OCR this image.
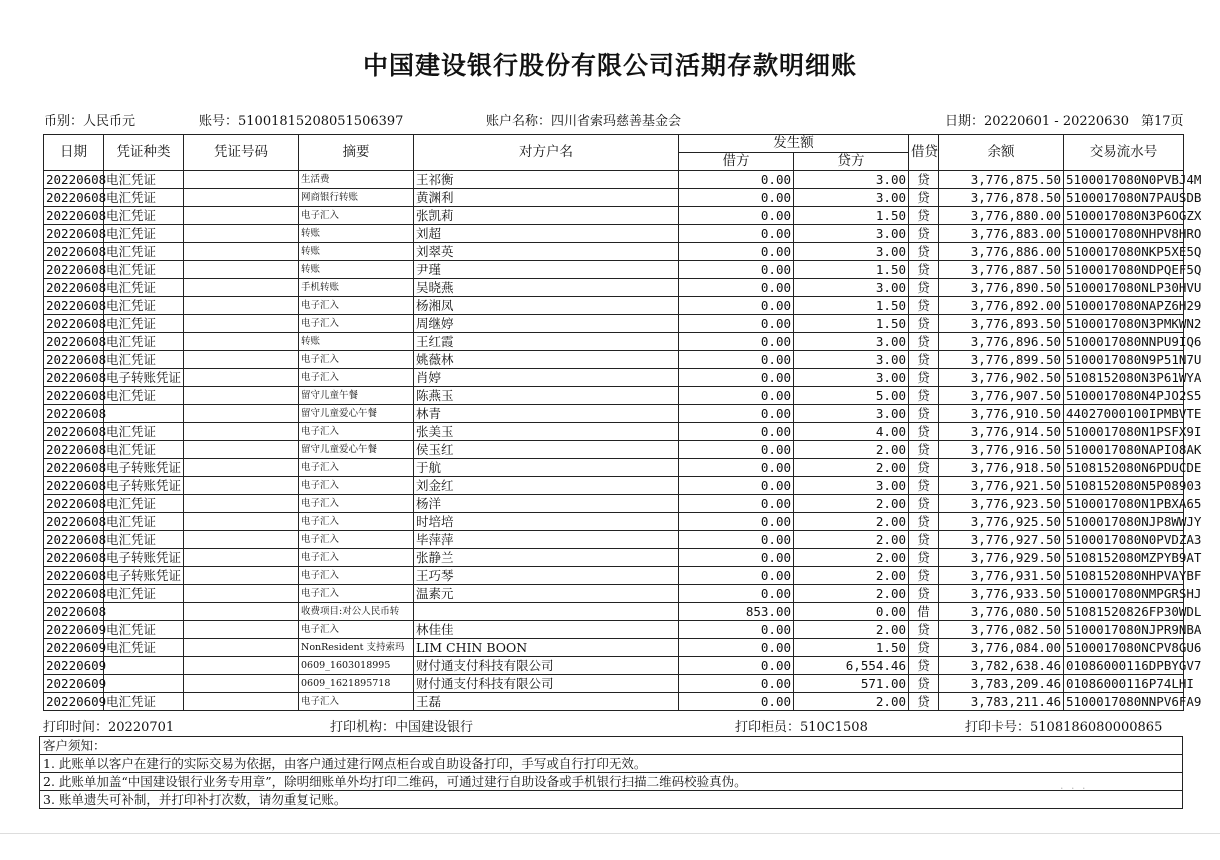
中国建设银行股份有限公司活期存款明细账
币别：人民币元	账号：51001815208051506397	账户名称：四川省索玛慈善基金会	日期：20220601 - 20220630 第17页
日期	凭证种类	凭证号码	摘要	对方户名	发生额		借贷	余额	交易流水号
					借方	贷方			
20220608	电汇凭证		生活费	王祁衡	0.00	3.00	贷	3,776,875.50	5100017080N0PVBJ4M
20220608	电汇凭证		网商银行转账	黄渊利	0.00	3.00	贷	3,776,878.50	5100017080N7PAUSDB
20220608	电汇凭证		电子汇入	张凯莉	0.00	1.50	贷	3,776,880.00	5100017080N3P6OGZX
20220608	电汇凭证		转账	刘超	0.00	3.00	贷	3,776,883.00	5100017080NHPV8HRO
20220608	电汇凭证		转账	刘翠英	0.00	3.00	贷	3,776,886.00	5100017080NKP5XE5Q
20220608	电汇凭证		转账	尹瑾	0.00	1.50	贷	3,776,887.50	5100017080NDPQEF5Q
20220608	电汇凭证		手机转账	吴晓燕	0.00	3.00	贷	3,776,890.50	5100017080NLP30HVU
20220608	电汇凭证		电子汇入	杨湘凤	0.00	1.50	贷	3,776,892.00	5100017080NAPZ6H29
20220608	电汇凭证		电子汇入	周继婷	0.00	1.50	贷	3,776,893.50	5100017080N3PMKWN2
20220608	电汇凭证		转账	王红霞	0.00	3.00	贷	3,776,896.50	5100017080NNPU9IQ6
20220608	电汇凭证		电子汇入	姚薇林	0.00	3.00	贷	3,776,899.50	5100017080N9P51N7U
20220608	电子转账凭证		电子汇入	肖婷	0.00	3.00	贷	3,776,902.50	5108152080N3P61WYA
20220608	电汇凭证		留守儿童午餐	陈燕玉	0.00	5.00	贷	3,776,907.50	5100017080N4PJO2S5
20220608			留守儿童爱心午餐	林青	0.00	3.00	贷	3,776,910.50	44027000100IPMBVTE
20220608	电汇凭证		电子汇入	张美玉	0.00	4.00	贷	3,776,914.50	5100017080N1PSFX9I
20220608	电汇凭证		留守儿童爱心午餐	侯玉红	0.00	2.00	贷	3,776,916.50	5100017080NAPIO8AK
20220608	电子转账凭证		电子汇入	于航	0.00	2.00	贷	3,776,918.50	5108152080N6PDUCDE
20220608	电子转账凭证		电子汇入	刘金红	0.00	3.00	贷	3,776,921.50	5108152080N5P08903
20220608	电汇凭证		电子汇入	杨洋	0.00	2.00	贷	3,776,923.50	5100017080N1PBXA65
20220608	电汇凭证		电子汇入	时培培	0.00	2.00	贷	3,776,925.50	5100017080NJP8WWJY
20220608	电汇凭证		电子汇入	毕萍萍	0.00	2.00	贷	3,776,927.50	5100017080N0PVDZA3
20220608	电子转账凭证		电子汇入	张静兰	0.00	2.00	贷	3,776,929.50	5108152080MZPYB9AT
20220608	电子转账凭证		电子汇入	王巧琴	0.00	2.00	贷	3,776,931.50	5108152080NHPVAYBF
20220608	电汇凭证		电子汇入	温素元	0.00	2.00	贷	3,776,933.50	5100017080NMPGRSHJ
20220608			收费项目:对公人民币转		853.00	0.00	借	3,776,080.50	51081520826FP30WDL
20220609	电汇凭证		电子汇入	林佳佳	0.00	2.00	贷	3,776,082.50	5100017080NJPR9NBA
20220609	电汇凭证		NonResident 支持索玛	LIM CHIN BOON	0.00	1.50	贷	3,776,084.00	5100017080NCPV8GU6
20220609			0609_1603018995	财付通支付科技有限公司	0.00	6,554.46	贷	3,782,638.46	01086000116DPBYGV7
20220609			0609_1621895718	财付通支付科技有限公司	0.00	571.00	贷	3,783,209.46	01086000116P74LHI
20220609	电汇凭证		电子汇入	王磊	0.00	2.00	贷	3,783,211.46	5100017080NNPV6FA9
打印时间：20220701	打印机构：中国建设银行	打印柜员：510C1508	打印卡号：5108186080000865
客户须知：
1. 此账单以客户在建行的实际交易为依据，由客户通过建行网点柜台或自助设备打印，手写或自行打印无效。
2. 此账单加盖“中国建设银行业务专用章”，除明细账单外均打印二维码，可通过建行自助设备或手机银行扫描二维码校验真伪。
3. 账单遗失可补制，并打印补打次数，请勿重复记账。
· · ·
